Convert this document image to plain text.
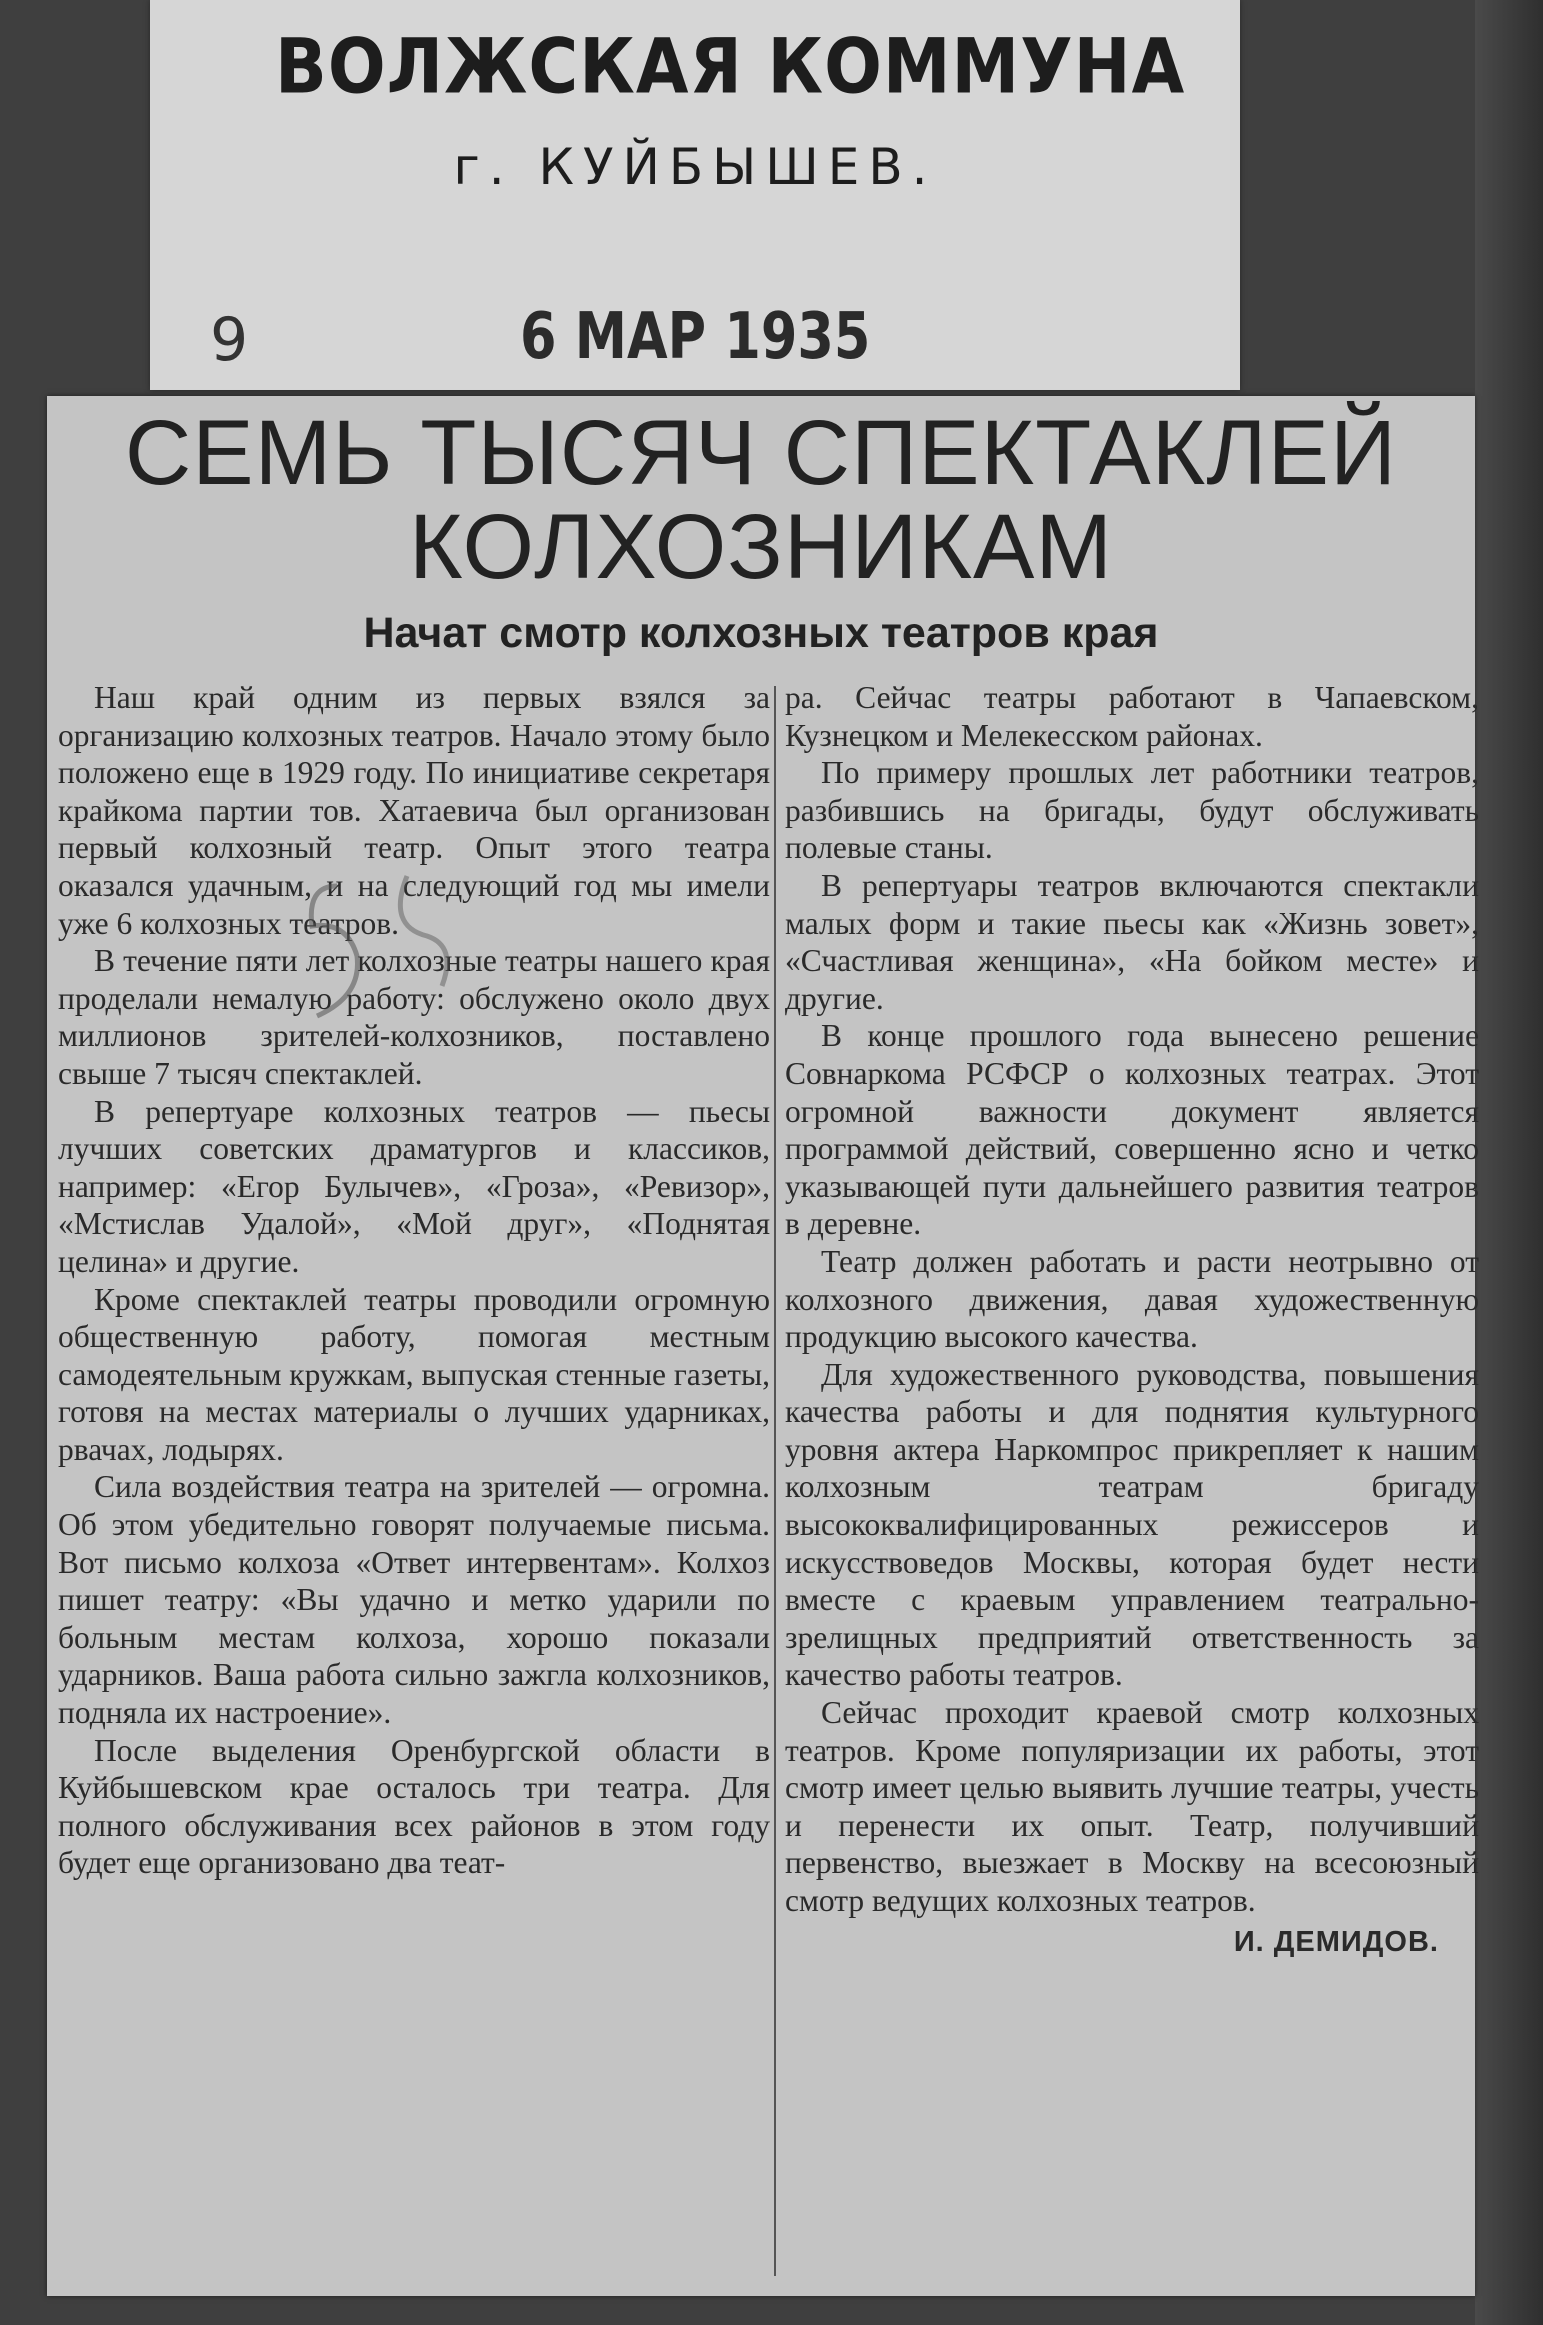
ВОЛЖСКАЯ КОММУНА
г. КУЙБЫШЕВ.
9	6 МАР 1935
СЕМЬ ТЫСЯЧ СПЕКТАКЛЕЙ
КОЛХОЗНИКАМ
Начат смотр колхозных театров края

Наш край одним из первых взялся за организацию колхозных театров. Начало этому было положено еще в 1929 году. По инициативе секретаря крайкома партии тов. Хатаевича был организован первый колхозный театр. Опыт этого театра оказался удачным, и на следующий год мы имели уже 6 колхозных театров.

В течение пяти лет колхозные театры нашего края проделали немалую работу: обслужено около двух миллионов зрителей-колхозников, поставлено свыше 7 тысяч спектаклей.

В репертуаре колхозных театров — пьесы лучших советских драматургов и классиков, например: «Егор Булычев», «Гроза», «Ревизор», «Мстислав Удалой», «Мой друг», «Поднятая целина» и другие.

Кроме спектаклей театры проводили огромную общественную работу, помогая местным самодеятельным кружкам, выпуская стенные газеты, готовя на местах материалы о лучших ударниках, рвачах, лодырях.

Сила воздействия театра на зрителей — огромна. Об этом убедительно говорят получаемые письма. Вот письмо колхоза «Ответ интервентам». Колхоз пишет театру: «Вы удачно и метко ударили по больным местам колхоза, хорошо показали ударников. Ваша работа сильно зажгла колхозников, подняла их настроение».

После выделения Оренбургской области в Куйбышевском крае осталось три театра. Для полного обслуживания всех районов в этом году будет еще организовано два теат-

ра. Сейчас театры работают в Чапаевском, Кузнецком и Мелекесском районах.

По примеру прошлых лет работники театров, разбившись на бригады, будут обслуживать полевые станы.

В репертуары театров включаются спектакли малых форм и такие пьесы как «Жизнь зовет», «Счастливая женщина», «На бойком месте» и другие.

В конце прошлого года вынесено решение Совнаркома РСФСР о колхозных театрах. Этот огромной важности документ является программой действий, совершенно ясно и четко указывающей пути дальнейшего развития театров в деревне.

Театр должен работать и расти неотрывно от колхозного движения, давая художественную продукцию высокого качества.

Для художественного руководства, повышения качества работы и для поднятия культурного уровня актера Наркомпрос прикрепляет к нашим колхозным театрам бригаду высококвалифицированных режиссеров и искусствоведов Москвы, которая будет нести вместе с краевым управлением театрально-зрелищных предприятий ответственность за качество работы театров.

Сейчас проходит краевой смотр колхозных театров. Кроме популяризации их работы, этот смотр имеет целью выявить лучшие театры, учесть и перенести их опыт. Театр, получивший первенство, выезжает в Москву на всесоюзный смотр ведущих колхозных театров.

И. ДЕМИДОВ.
